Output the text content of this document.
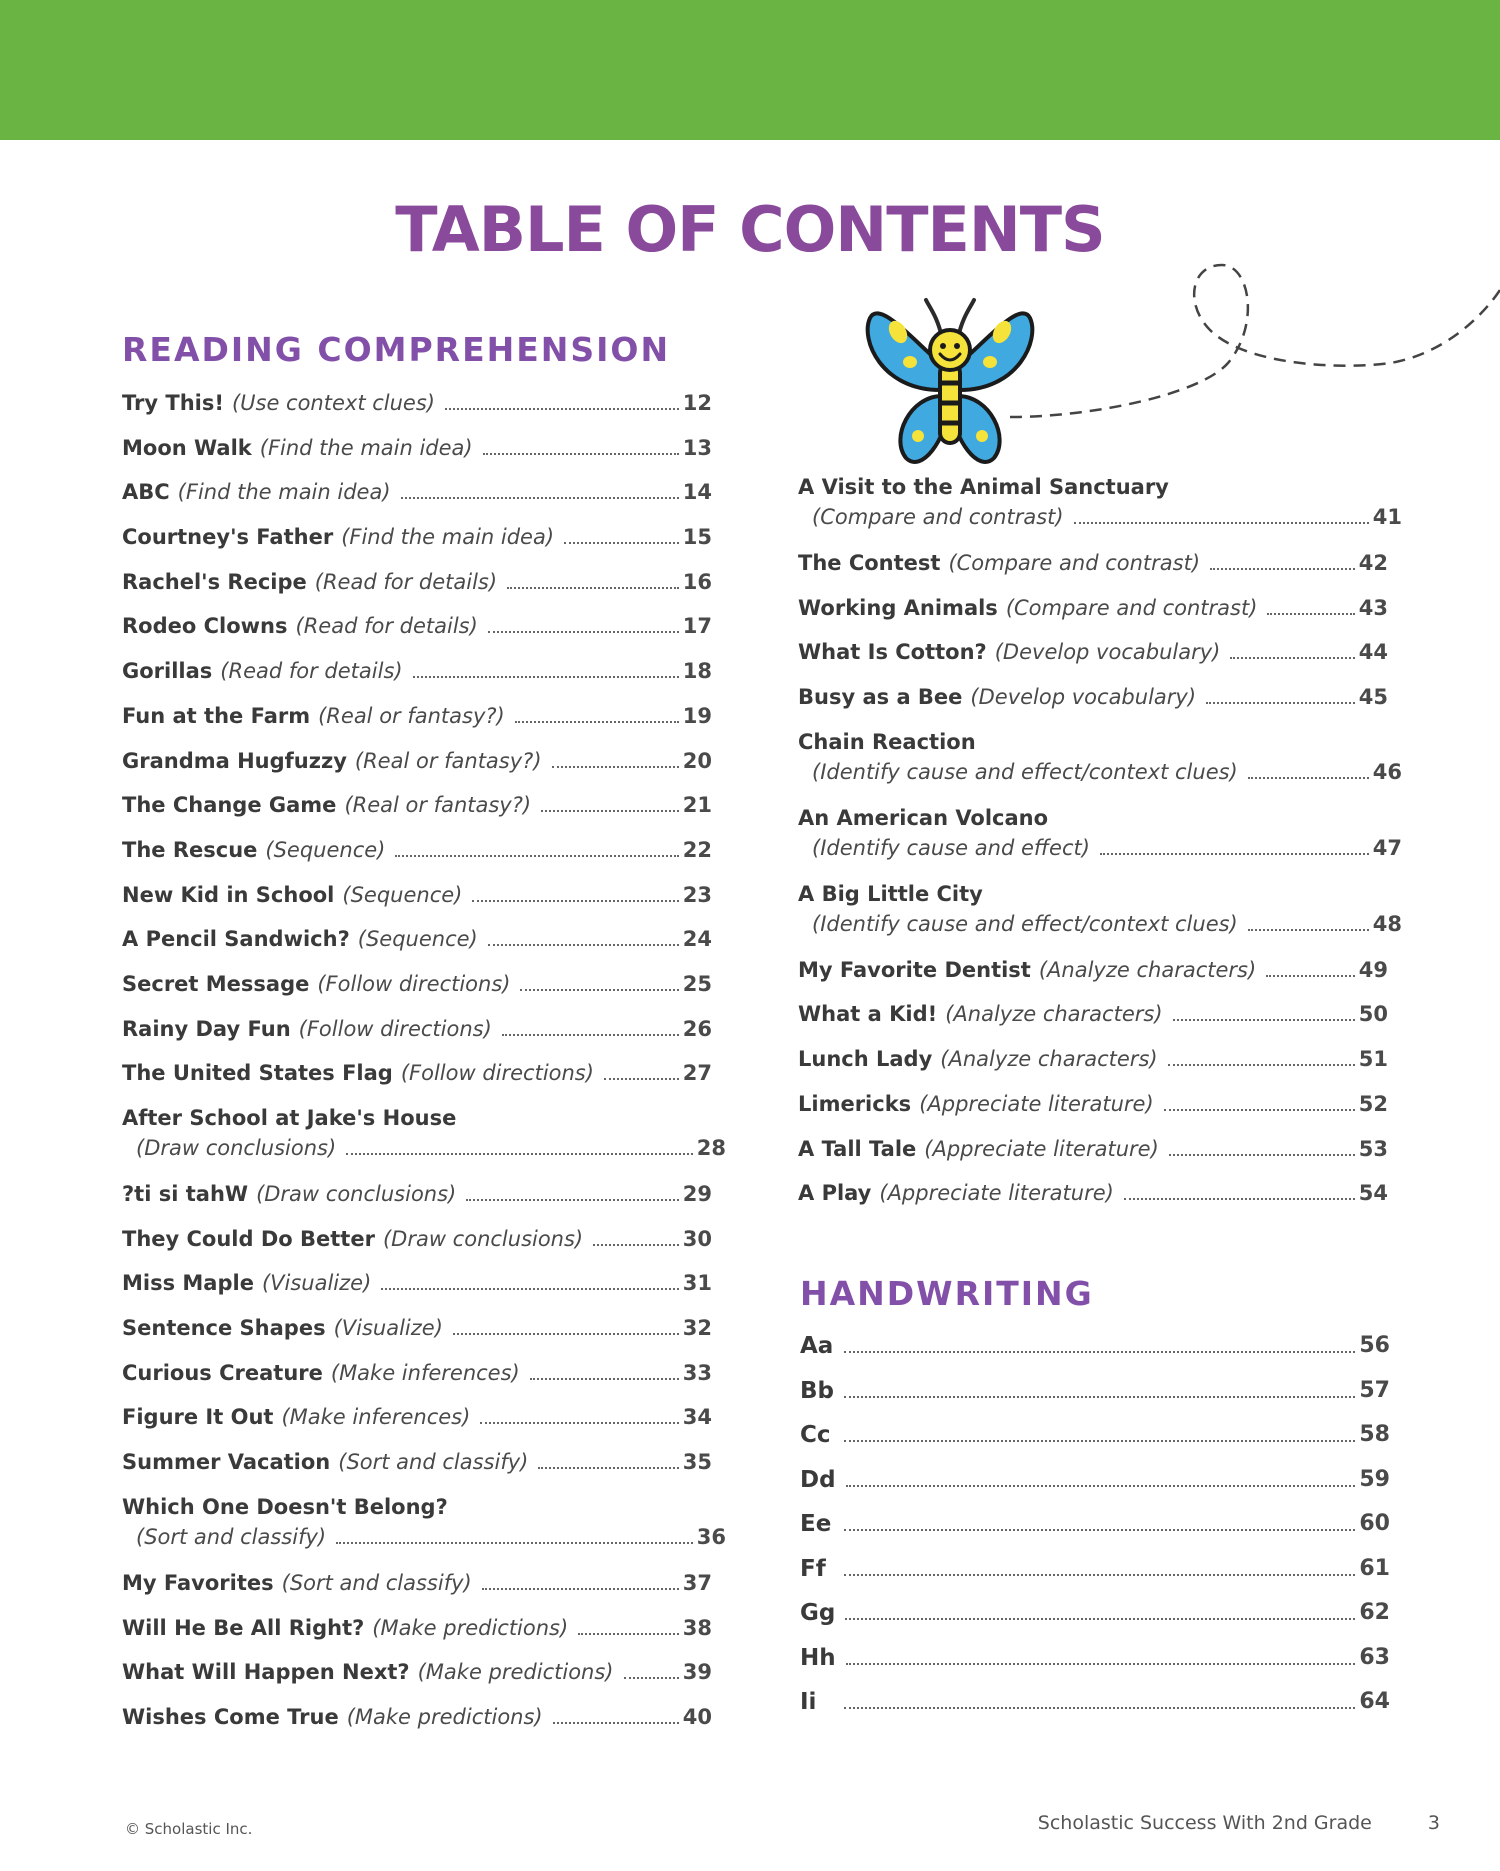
TABLE OF CONTENTS
READING COMPREHENSION
Try This! (Use context clues)	12
Moon Walk (Find the main idea)	13
ABC (Find the main idea)	14
Courtney's Father (Find the main idea)	15
Rachel's Recipe (Read for details)	16
Rodeo Clowns (Read for details)	17
Gorillas (Read for details)	18
Fun at the Farm (Real or fantasy?)	19
Grandma Hugfuzzy (Real or fantasy?)	20
The Change Game (Real or fantasy?)	21
The Rescue (Sequence)	22
New Kid in School (Sequence)	23
A Pencil Sandwich? (Sequence)	24
Secret Message (Follow directions)	25
Rainy Day Fun (Follow directions)	26
The United States Flag (Follow directions)	27
After School at Jake's House
(Draw conclusions)	28
?ti si tahW (Draw conclusions)	29
They Could Do Better (Draw conclusions)	30
Miss Maple (Visualize)	31
Sentence Shapes (Visualize)	32
Curious Creature (Make inferences)	33
Figure It Out (Make inferences)	34
Summer Vacation (Sort and classify)	35
Which One Doesn't Belong?
(Sort and classify)	36
My Favorites (Sort and classify)	37
Will He Be All Right? (Make predictions)	38
What Will Happen Next? (Make predictions)	39
Wishes Come True (Make predictions)	40
A Visit to the Animal Sanctuary
(Compare and contrast)	41
The Contest (Compare and contrast)	42
Working Animals (Compare and contrast)	43
What Is Cotton? (Develop vocabulary)	44
Busy as a Bee (Develop vocabulary)	45
Chain Reaction
(Identify cause and effect/context clues)	46
An American Volcano
(Identify cause and effect)	47
A Big Little City
(Identify cause and effect/context clues)	48
My Favorite Dentist (Analyze characters)	49
What a Kid! (Analyze characters)	50
Lunch Lady (Analyze characters)	51
Limericks (Appreciate literature)	52
A Tall Tale (Appreciate literature)	53
A Play (Appreciate literature)	54
HANDWRITING
Aa	56
Bb	57
Cc	58
Dd	59
Ee	60
Ff	61
Gg	62
Hh	63
Ii	64
© Scholastic Inc.	Scholastic Success With 2nd Grade	3
